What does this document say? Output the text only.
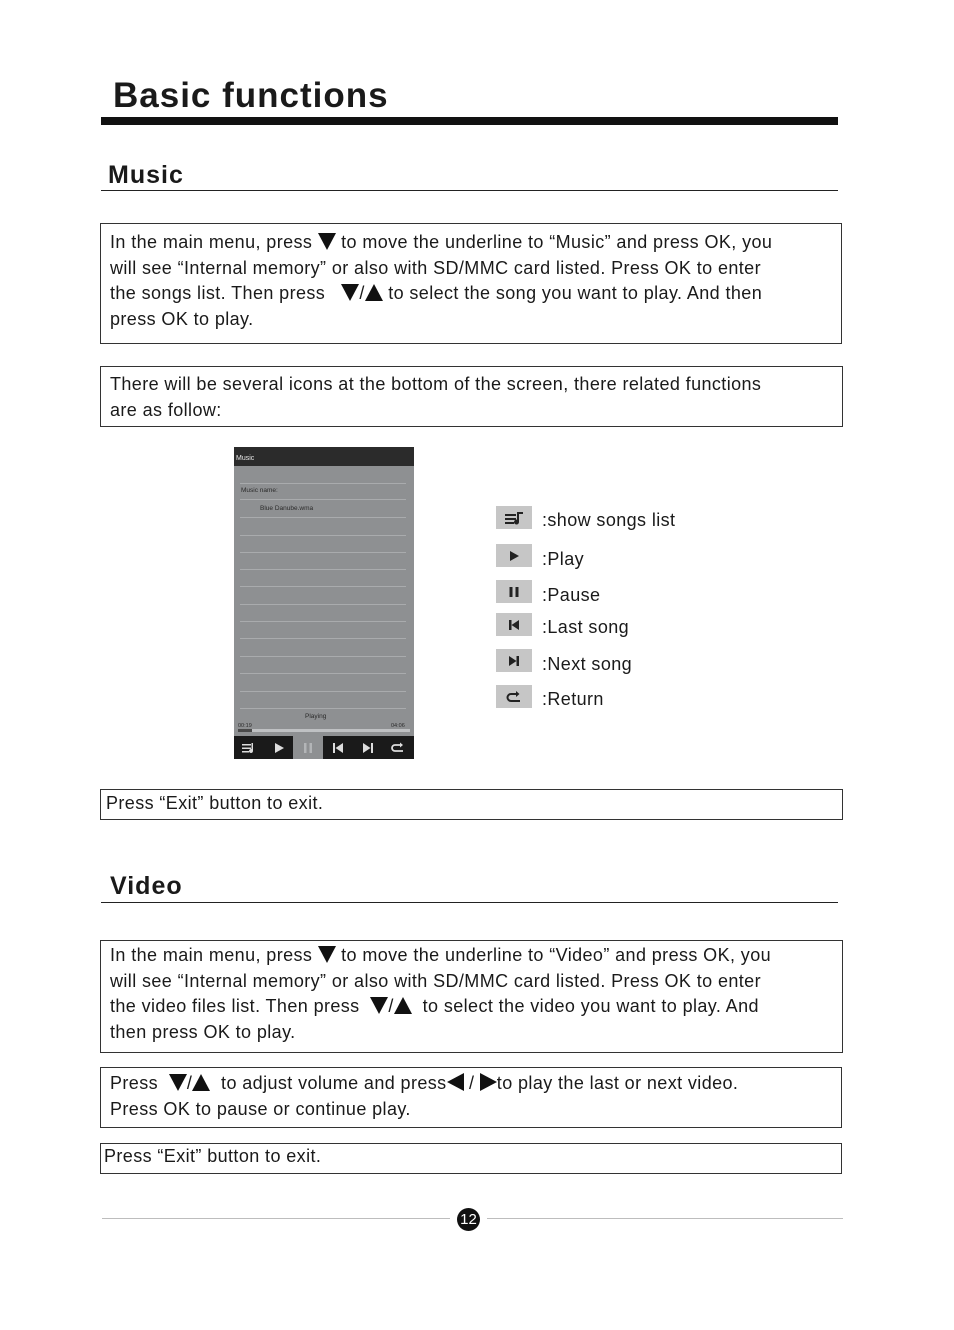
Basic functions
Music
In the main menu, press  to move the underline to “Music” and press OK, you
will see “Internal memory” or also with SD/MMC card listed. Press OK to enter
the songs list. Then press   / to select the song you want to play. And then
press OK to play.
There will be several icons at the bottom of the screen, there related functions
are as follow:
Music
Music name:
Blue Danube.wma
Playing
00:19	04:06
:show songs list
:Play
:Pause
:Last song
:Next song
:Return
Press “Exit” button to exit.
Video
In the main menu, press  to move the underline to “Video” and press OK, you
will see “Internal memory” or also with SD/MMC card listed. Press OK to enter
the video files list. Then press  /  to select the video you want to play. And
then press OK to play.
Press  /  to adjust volume and press / to play the last or next video.
Press OK to pause or continue play.
Press “Exit” button to exit.
12
